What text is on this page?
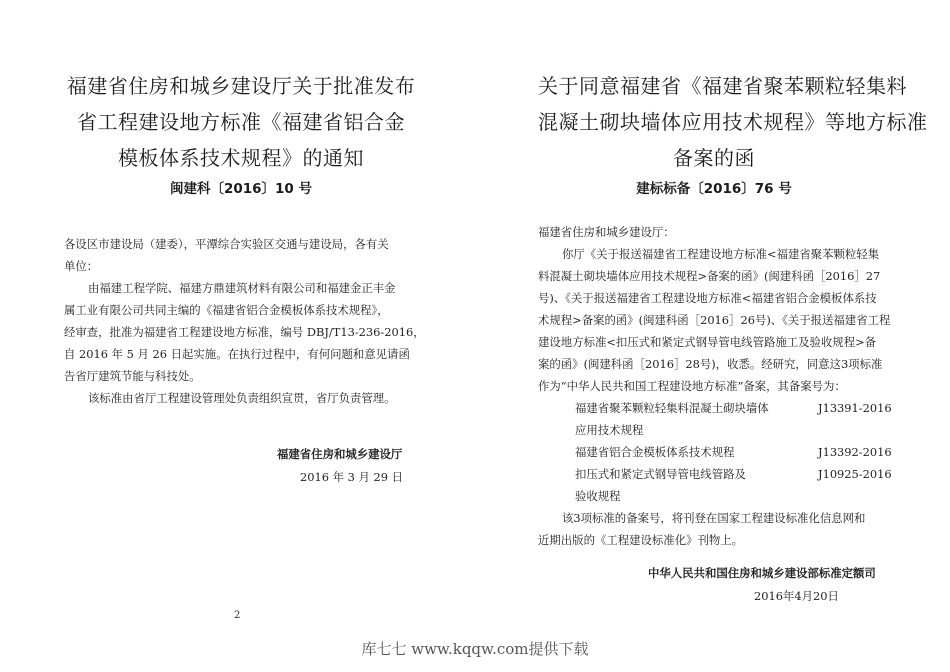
福建省住房和城乡建设厅关于批准发布
省工程建设地方标准《福建省铝合金
模板体系技术规程》的通知
闽建科〔2016〕10 号
各设区市建设局（建委），平潭综合实验区交通与建设局，各有关
单位：
由福建工程学院、福建方鼎建筑材料有限公司和福建金正丰金
属工业有限公司共同主编的《福建省铝合金模板体系技术规程》，
经审查，批准为福建省工程建设地方标准，编号 DBJ/T13-236-2016，
自 2016 年 5 月 26 日起实施。在执行过程中，有何问题和意见请函
告省厅建筑节能与科技处。
该标准由省厅工程建设管理处负责组织宣贯，省厅负责管理。
福建省住房和城乡建设厅
2016 年 3 月 29 日
关于同意福建省《福建省聚苯颗粒轻集料
混凝土砌块墙体应用技术规程》等地方标准
备案的函
建标标备〔2016〕76 号
福建省住房和城乡建设厅：
你厅《关于报送福建省工程建设地方标准<福建省聚苯颗粒轻集
料混凝土砌块墙体应用技术规程>备案的函》(闽建科函［2016］27
号)、《关于报送福建省工程建设地方标准<福建省铝合金模板体系技
术规程>备案的函》(闽建科函［2016］26号)、《关于报送福建省工程
建设地方标准<扣压式和紧定式钢导管电线管路施工及验收规程>备
案的函》(闽建科函［2016］28号)，收悉。经研究，同意这3项标准
作为“中华人民共和国工程建设地方标准”备案，其备案号为：
福建省聚苯颗粒轻集料混凝土砌块墙体	J13391-2016
应用技术规程
福建省铝合金模板体系技术规程	J13392-2016
扣压式和紧定式钢导管电线管路及	J10925-2016
验收规程
该3项标准的备案号，将刊登在国家工程建设标准化信息网和
近期出版的《工程建设标准化》刊物上。
中华人民共和国住房和城乡建设部标准定额司
2016年4月20日
2
库七七 www.kqqw.com提供下载
